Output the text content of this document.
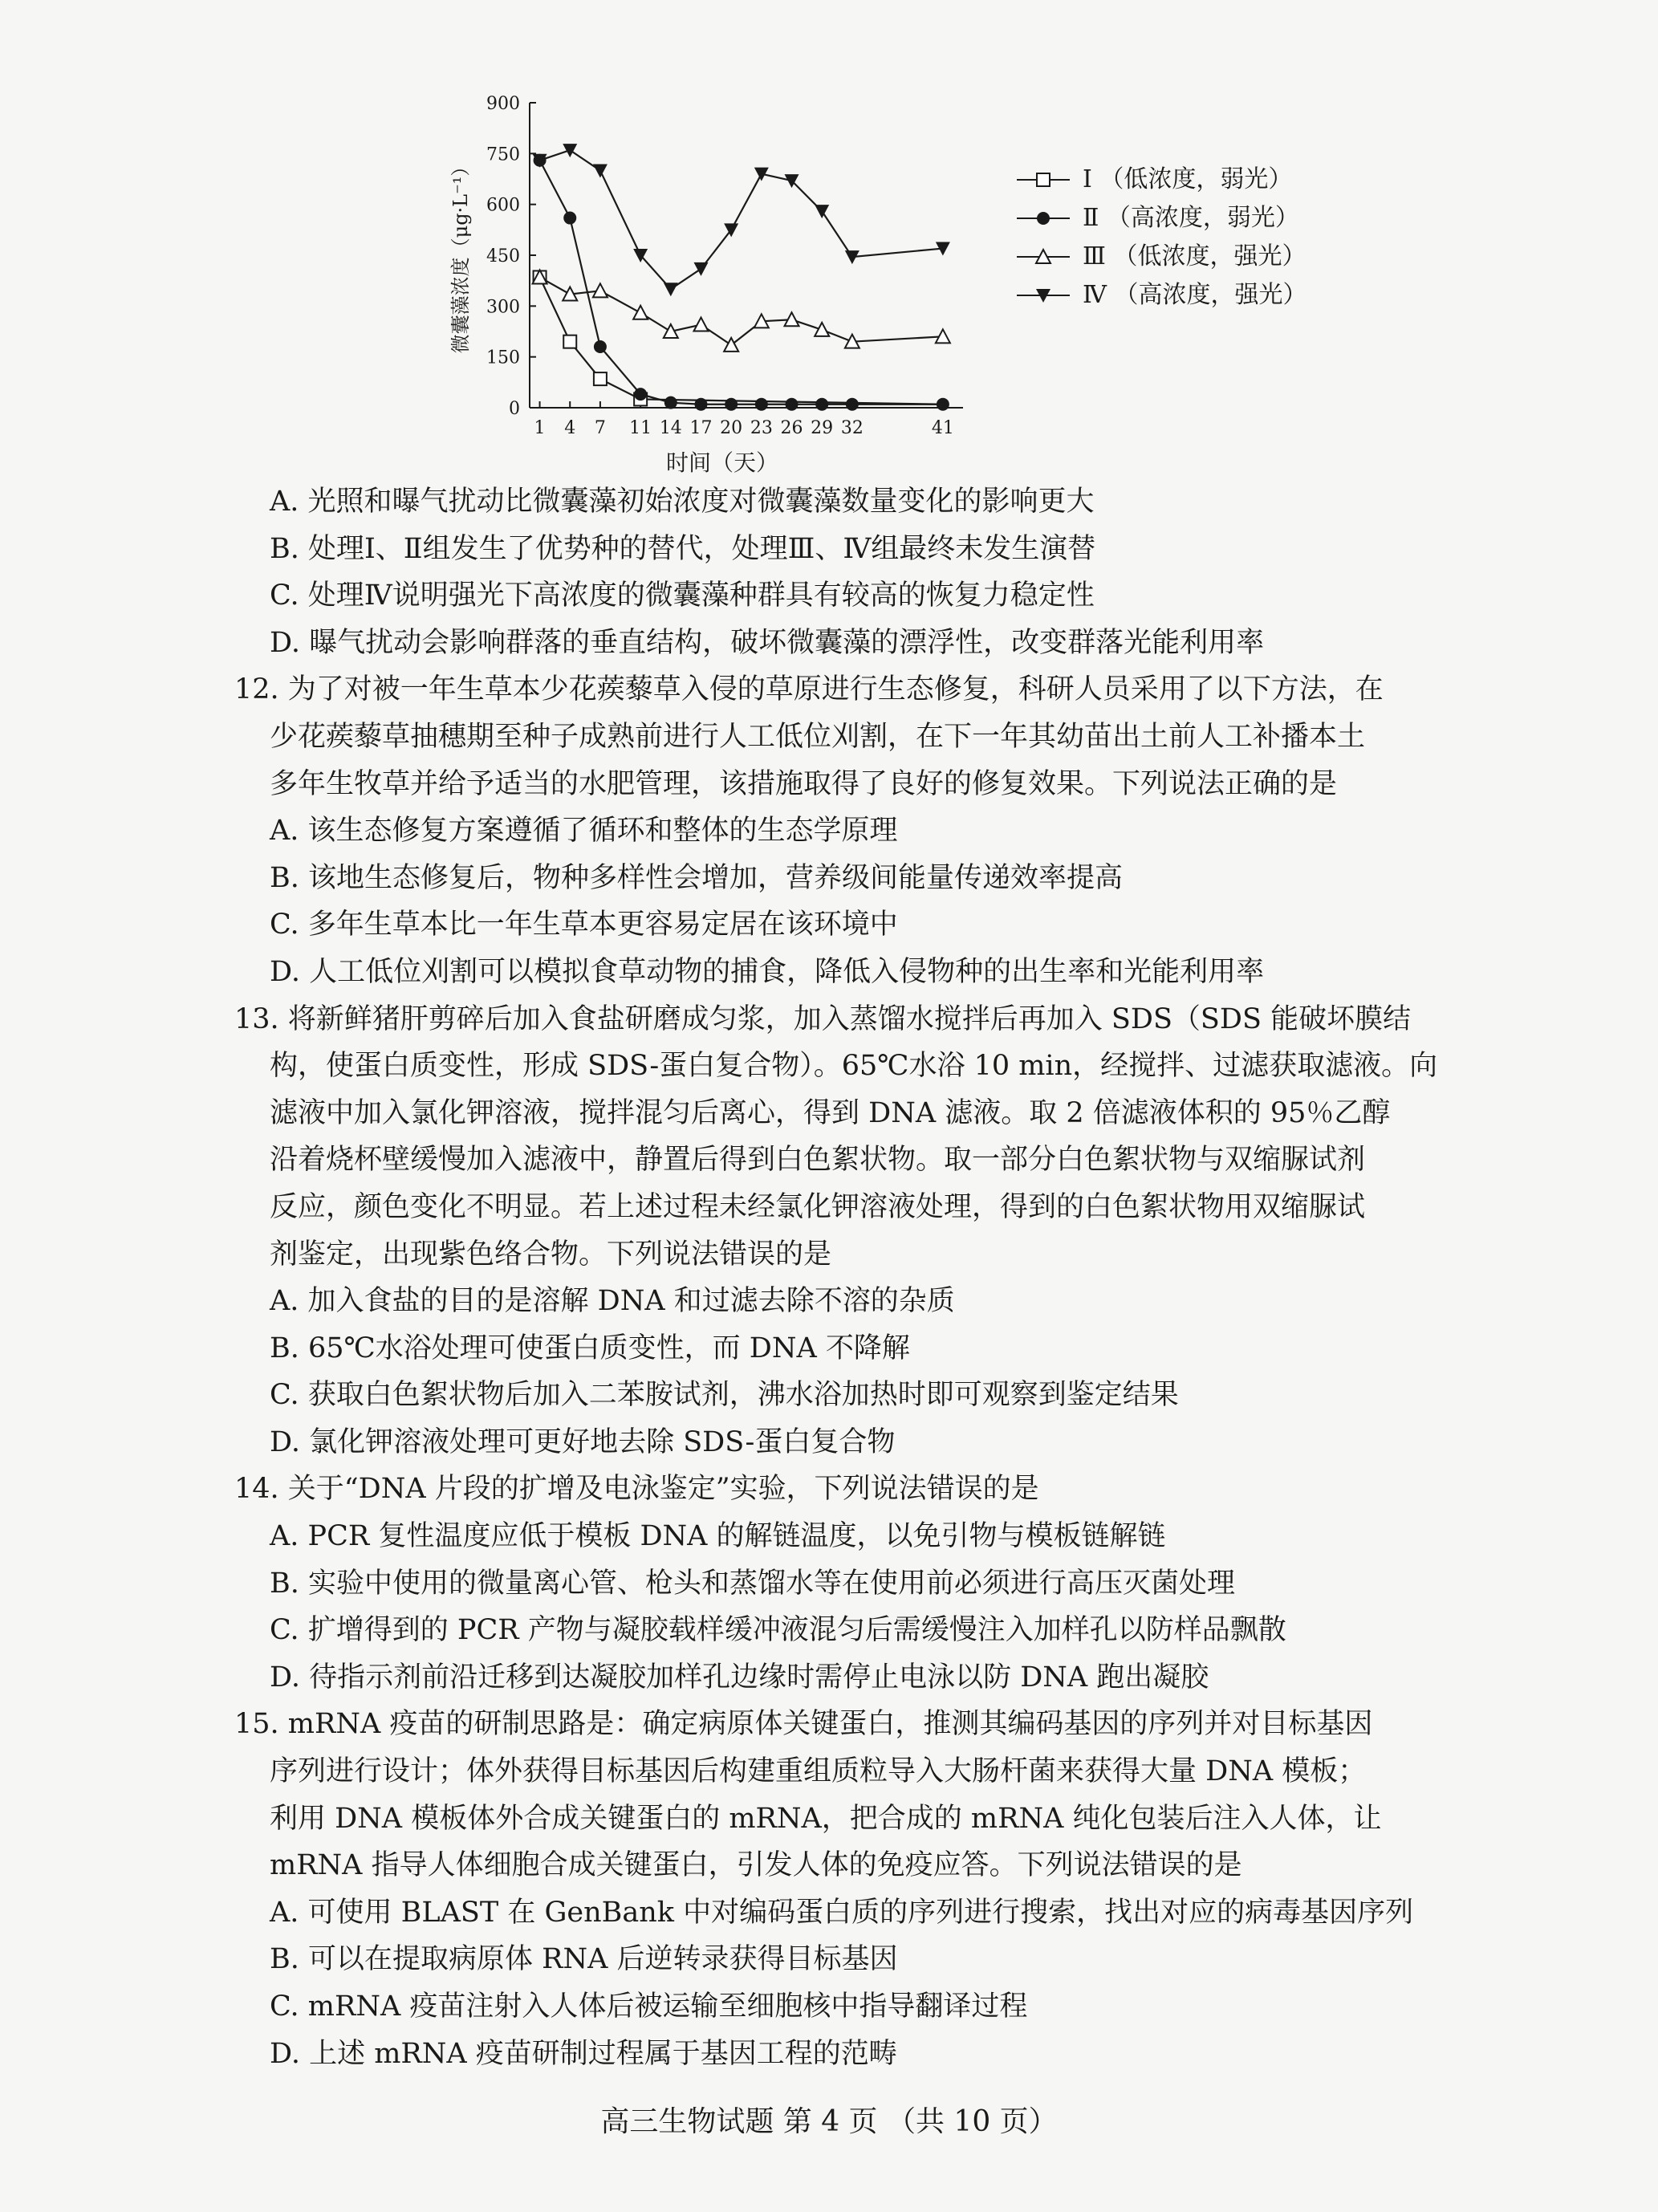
0
150
300
450
600
750
900
1 4 7 11 14 17 20 23 26 29 32	41
微囊藻浓度（μg·L⁻¹）
时间（天）
Ⅰ （低浓度，弱光）
Ⅱ （高浓度，弱光）
Ⅲ （低浓度，强光）
Ⅳ （高浓度，强光）
A. 光照和曝气扰动比微囊藻初始浓度对微囊藻数量变化的影响更大
B. 处理Ⅰ、Ⅱ组发生了优势种的替代，处理Ⅲ、Ⅳ组最终未发生演替
C. 处理Ⅳ说明强光下高浓度的微囊藻种群具有较高的恢复力稳定性
D. 曝气扰动会影响群落的垂直结构，破坏微囊藻的漂浮性，改变群落光能利用率
12. 为了对被一年生草本少花蒺藜草入侵的草原进行生态修复，科研人员采用了以下方法，在
少花蒺藜草抽穗期至种子成熟前进行人工低位刈割，在下一年其幼苗出土前人工补播本土
多年生牧草并给予适当的水肥管理，该措施取得了良好的修复效果。下列说法正确的是
A. 该生态修复方案遵循了循环和整体的生态学原理
B. 该地生态修复后，物种多样性会增加，营养级间能量传递效率提高
C. 多年生草本比一年生草本更容易定居在该环境中
D. 人工低位刈割可以模拟食草动物的捕食，降低入侵物种的出生率和光能利用率
13. 将新鲜猪肝剪碎后加入食盐研磨成匀浆，加入蒸馏水搅拌后再加入 SDS（SDS 能破坏膜结
构，使蛋白质变性，形成 SDS-蛋白复合物）。65℃水浴 10 min，经搅拌、过滤获取滤液。向
滤液中加入氯化钾溶液，搅拌混匀后离心，得到 DNA 滤液。取 2 倍滤液体积的 95％乙醇
沿着烧杯壁缓慢加入滤液中，静置后得到白色絮状物。取一部分白色絮状物与双缩脲试剂
反应，颜色变化不明显。若上述过程未经氯化钾溶液处理，得到的白色絮状物用双缩脲试
剂鉴定，出现紫色络合物。下列说法错误的是
A. 加入食盐的目的是溶解 DNA 和过滤去除不溶的杂质
B. 65℃水浴处理可使蛋白质变性，而 DNA 不降解
C. 获取白色絮状物后加入二苯胺试剂，沸水浴加热时即可观察到鉴定结果
D. 氯化钾溶液处理可更好地去除 SDS-蛋白复合物
14. 关于“DNA 片段的扩增及电泳鉴定”实验，下列说法错误的是
A. PCR 复性温度应低于模板 DNA 的解链温度，以免引物与模板链解链
B. 实验中使用的微量离心管、枪头和蒸馏水等在使用前必须进行高压灭菌处理
C. 扩增得到的 PCR 产物与凝胶载样缓冲液混匀后需缓慢注入加样孔以防样品飘散
D. 待指示剂前沿迁移到达凝胶加样孔边缘时需停止电泳以防 DNA 跑出凝胶
15. mRNA 疫苗的研制思路是：确定病原体关键蛋白，推测其编码基因的序列并对目标基因
序列进行设计；体外获得目标基因后构建重组质粒导入大肠杆菌来获得大量 DNA 模板；
利用 DNA 模板体外合成关键蛋白的 mRNA，把合成的 mRNA 纯化包装后注入人体，让
mRNA 指导人体细胞合成关键蛋白，引发人体的免疫应答。下列说法错误的是
A. 可使用 BLAST 在 GenBank 中对编码蛋白质的序列进行搜索，找出对应的病毒基因序列
B. 可以在提取病原体 RNA 后逆转录获得目标基因
C. mRNA 疫苗注射入人体后被运输至细胞核中指导翻译过程
D. 上述 mRNA 疫苗研制过程属于基因工程的范畴
高三生物试题 第 4 页 （共 10 页）
